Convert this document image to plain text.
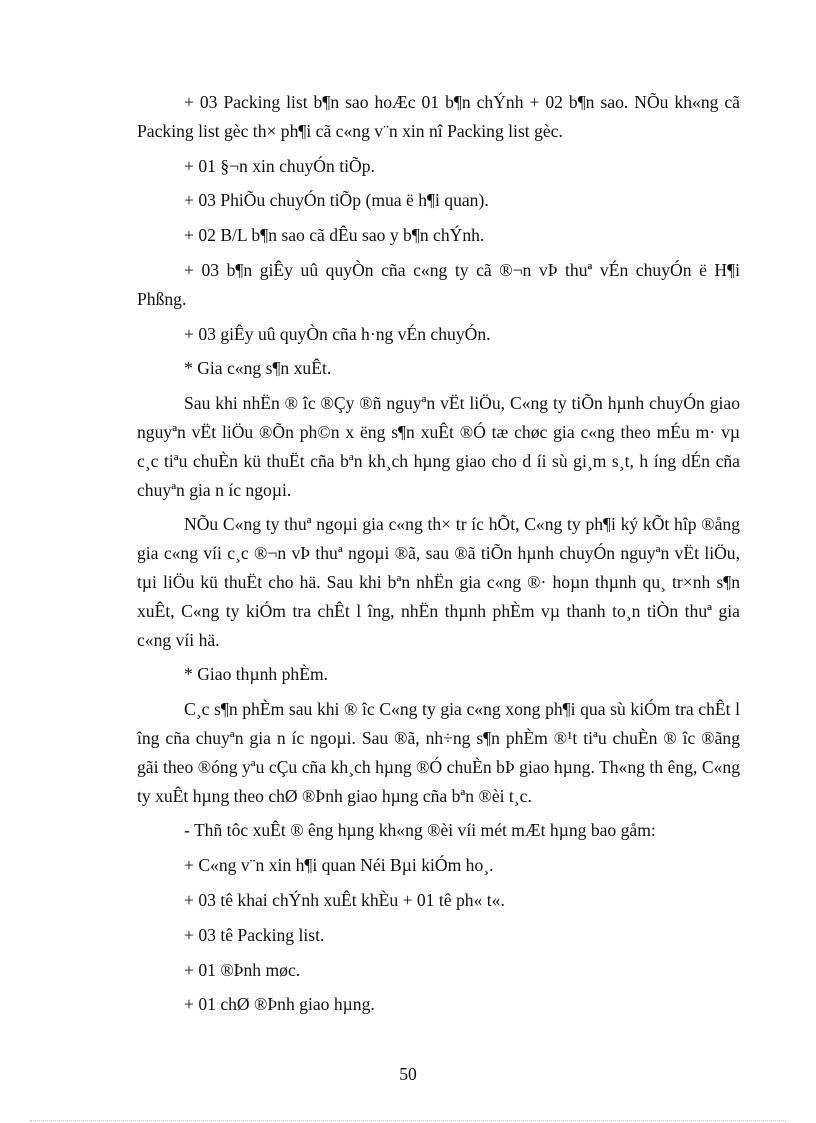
+ 03 Packing list b¶n sao hoÆc 01 b¶n chÝnh + 02 b¶n sao. NÕu kh«ng cã Packing list gèc th× ph¶i cã c«ng v¨n xin nî Packing list gèc.

+ 01 §¬n xin chuyÓn tiÕp.

+ 03 PhiÕu chuyÓn tiÕp (mua ë h¶i quan).

+ 02 B/L b¶n sao cã dÊu sao y b¶n chÝnh.

+ 03 b¶n giÊy uû quyÒn cña c«ng ty cã ®¬n vÞ thuª vÉn chuyÓn ë H¶i Phßng.

+ 03 giÊy uû quyÒn cña h·ng vÉn chuyÓn.

* Gia c«ng s¶n xuÊt.

Sau khi nhËn ® îc ®Çy ®ñ nguyªn vËt liÖu, C«ng ty tiÕn hµnh chuyÓn giao nguyªn vËt liÖu ®Õn ph©n x ëng s¶n xuÊt ®Ó tæ chøc gia c«ng theo mÉu m· vµ c¸c tiªu chuÈn kü thuËt cña bªn kh¸ch hµng giao cho d íi sù gi¸m s¸t, h íng dÉn cña chuyªn gia n íc ngoµi.

NÕu C«ng ty thuª ngoµi gia c«ng th× tr íc hÕt, C«ng ty ph¶i ký kÕt hîp ®ång gia c«ng víi c¸c ®¬n vÞ thuª ngoµi ®ã, sau ®ã tiÕn hµnh chuyÓn nguyªn vËt liÖu, tµi liÖu kü thuËt cho hä. Sau khi bªn nhËn gia c«ng ®· hoµn thµnh qu¸ tr×nh s¶n xuÊt, C«ng ty kiÓm tra chÊt l îng, nhËn thµnh phÈm vµ thanh to¸n tiÒn thuª gia c«ng víi hä.

* Giao thµnh phÈm.

C¸c s¶n phÈm sau khi ® îc C«ng ty gia c«ng xong ph¶i qua sù kiÓm tra chÊt l îng cña chuyªn gia n íc ngoµi. Sau ®ã, nh÷ng s¶n phÈm ®¹t tiªu chuÈn ® îc ®ãng gãi theo ®óng yªu cÇu cña kh¸ch hµng ®Ó chuÈn bÞ giao hµng. Th«ng th êng, C«ng ty xuÊt hµng theo chØ ®Þnh giao hµng cña bªn ®èi t¸c.

- Thñ tôc xuÊt ® êng hµng kh«ng ®èi víi mét mÆt hµng bao gåm:

+ C«ng v¨n xin h¶i quan Néi Bµi kiÓm ho¸.

+ 03 tê khai chÝnh xuÊt khÈu + 01 tê ph« t«.

+ 03 tê Packing list.

+ 01 ®Þnh møc.

+ 01 chØ ®Þnh giao hµng.

50
